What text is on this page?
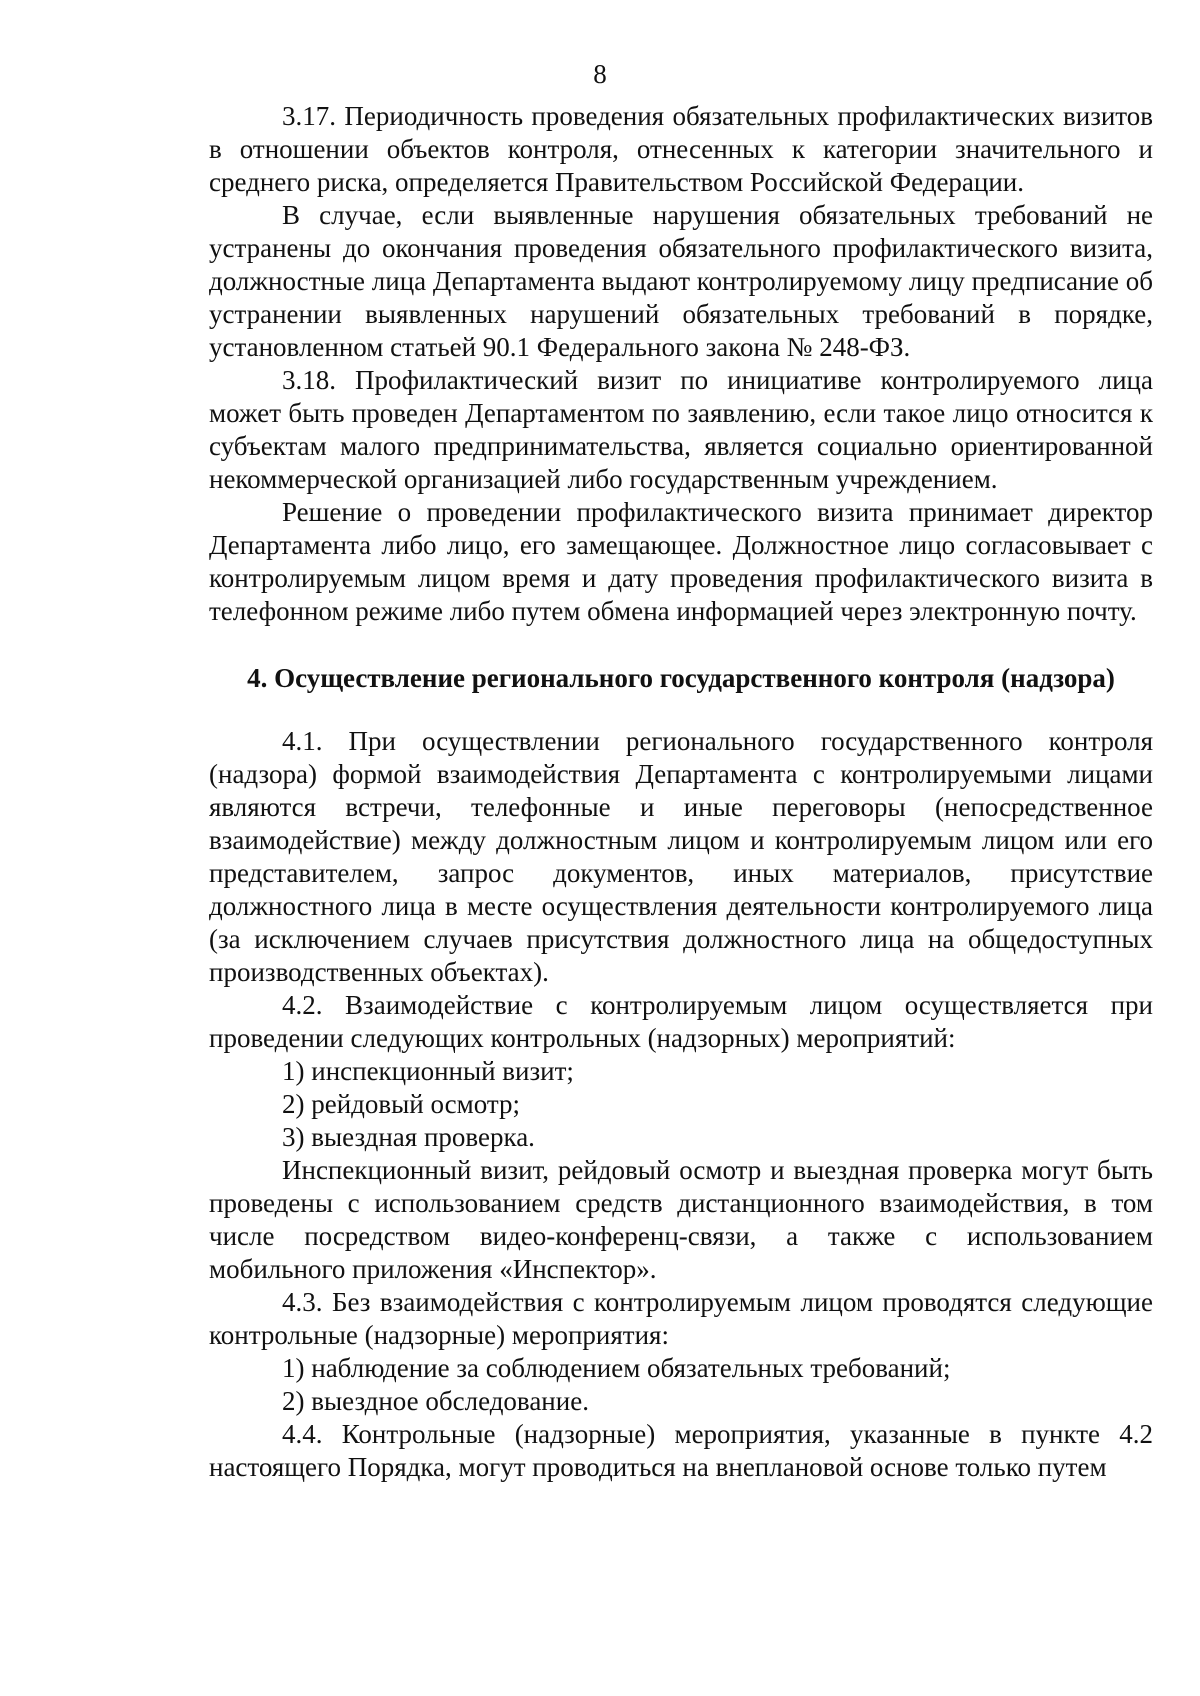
8

3.17. Периодичность проведения обязательных профилактических визитов в отношении объектов контроля, отнесенных к категории значительного и среднего риска, определяется Правительством Российской Федерации.

В случае, если выявленные нарушения обязательных требований не устранены до окончания проведения обязательного профилактического визита, должностные лица Департамента выдают контролируемому лицу предписание об устранении выявленных нарушений обязательных требований в порядке, установленном статьей 90.1 Федерального закона № 248-ФЗ.

3.18. Профилактический визит по инициативе контролируемого лица может быть проведен Департаментом по заявлению, если такое лицо относится к субъектам малого предпринимательства, является социально ориентированной некоммерческой организацией либо государственным учреждением.

Решение о проведении профилактического визита принимает директор Департамента либо лицо, его замещающее. Должностное лицо согласовывает с контролируемым лицом время и дату проведения профилактического визита в телефонном режиме либо путем обмена информацией через электронную почту.

4. Осуществление регионального государственного контроля (надзора)

4.1. При осуществлении регионального государственного контроля (надзора) формой взаимодействия Департамента с контролируемыми лицами являются встречи, телефонные и иные переговоры (непосредственное взаимодействие) между должностным лицом и контролируемым лицом или его представителем, запрос документов, иных материалов, присутствие должностного лица в месте осуществления деятельности контролируемого лица (за исключением случаев присутствия должностного лица на общедоступных производственных объектах).

4.2. Взаимодействие с контролируемым лицом осуществляется при проведении следующих контрольных (надзорных) мероприятий:

1) инспекционный визит;

2) рейдовый осмотр;

3) выездная проверка.

Инспекционный визит, рейдовый осмотр и выездная проверка могут быть проведены с использованием средств дистанционного взаимодействия, в том числе посредством видео-конференц-связи, а также с использованием мобильного приложения «Инспектор».

4.3. Без взаимодействия с контролируемым лицом проводятся следующие контрольные (надзорные) мероприятия:

1) наблюдение за соблюдением обязательных требований;

2) выездное обследование.

4.4. Контрольные (надзорные) мероприятия, указанные в пункте 4.2 настоящего Порядка, могут проводиться на внеплановой основе только путем
